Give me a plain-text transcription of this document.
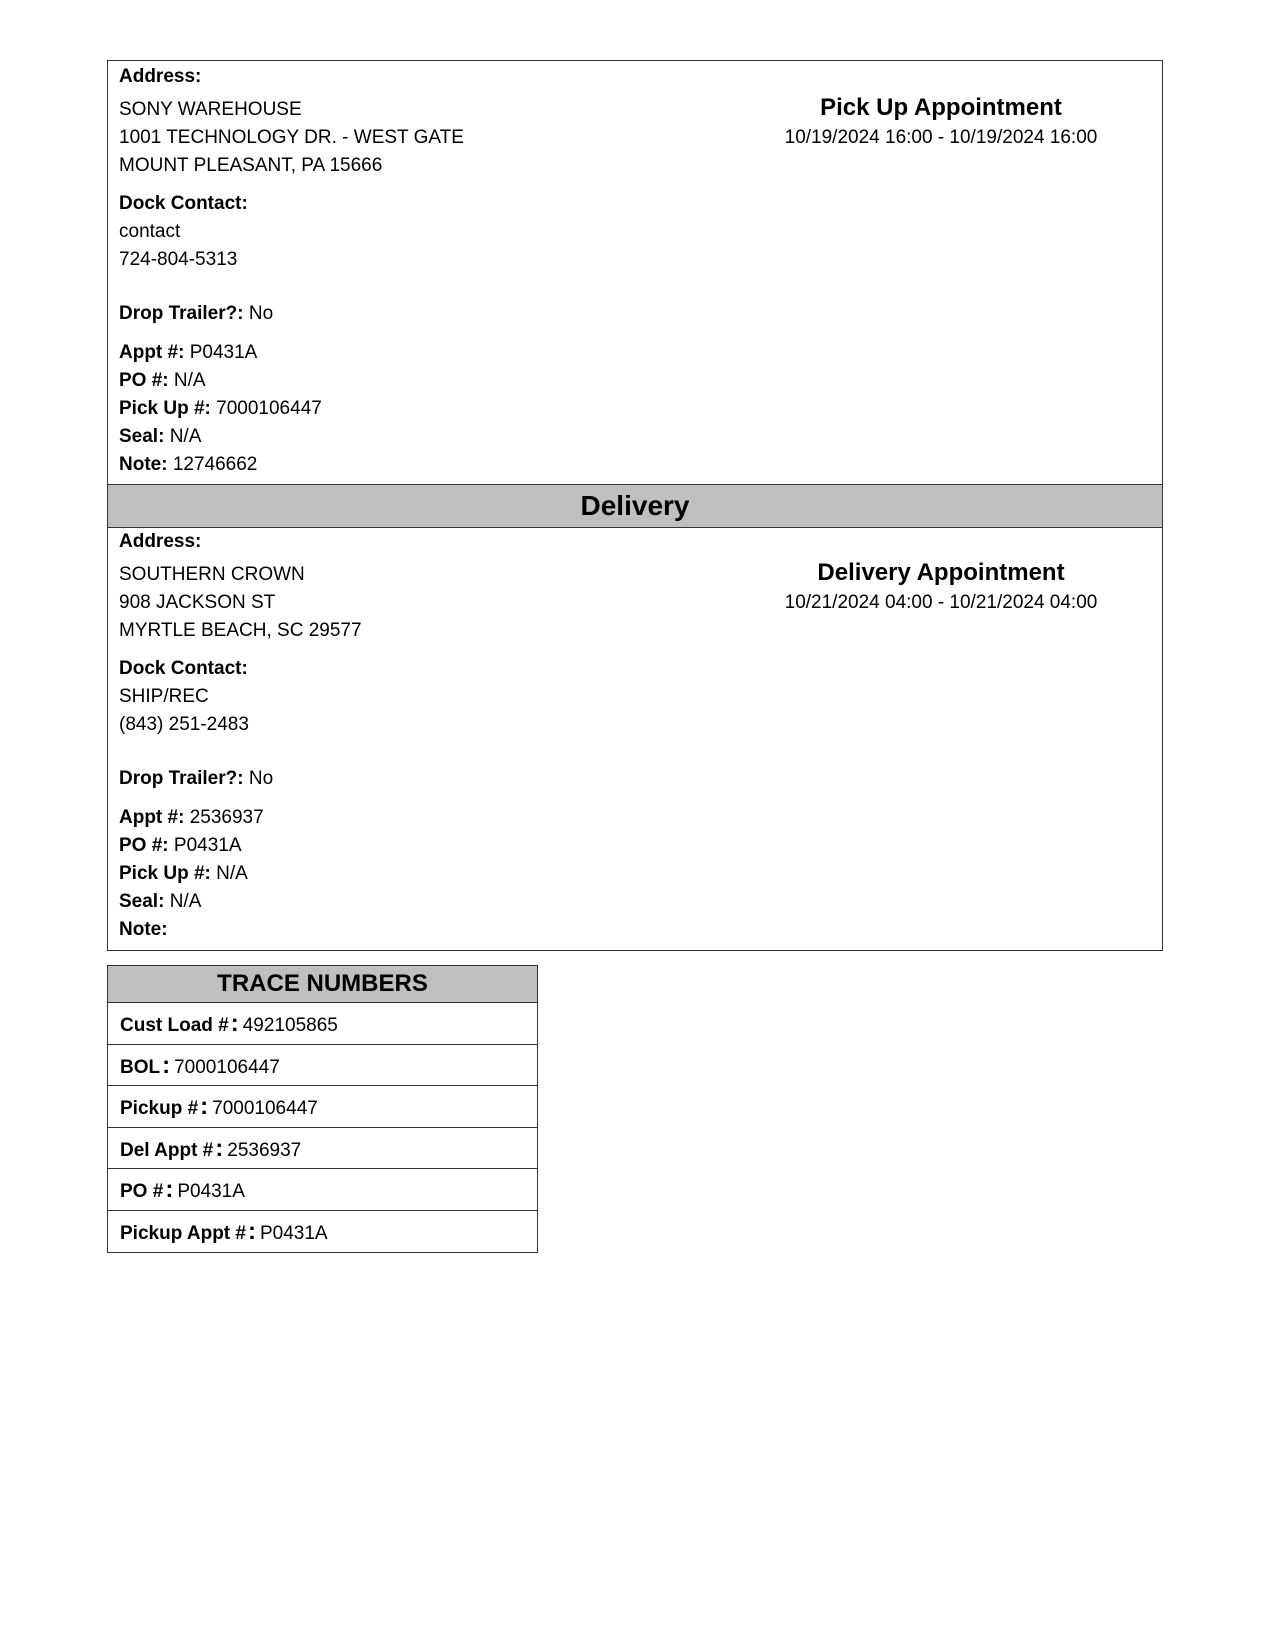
Address:
SONY WAREHOUSE
1001 TECHNOLOGY DR. - WEST GATE
MOUNT PLEASANT, PA 15666
Dock Contact:
contact
724-804-5313
Drop Trailer?: No
Appt #: P0431A
PO #: N/A
Pick Up #: 7000106447
Seal: N/A
Note: 12746662
Pick Up Appointment
10/19/2024 16:00 - 10/19/2024 16:00
Delivery
Address:
SOUTHERN CROWN
908 JACKSON ST
MYRTLE BEACH, SC 29577
Dock Contact:
SHIP/REC
(843) 251-2483
Drop Trailer?: No
Appt #: 2536937
PO #: P0431A
Pick Up #: N/A
Seal: N/A
Note:
Delivery Appointment
10/21/2024 04:00 - 10/21/2024 04:00
TRACE NUMBERS
Cust Load #: 492105865
BOL: 7000106447
Pickup #: 7000106447
Del Appt #: 2536937
PO #: P0431A
Pickup Appt #: P0431A
